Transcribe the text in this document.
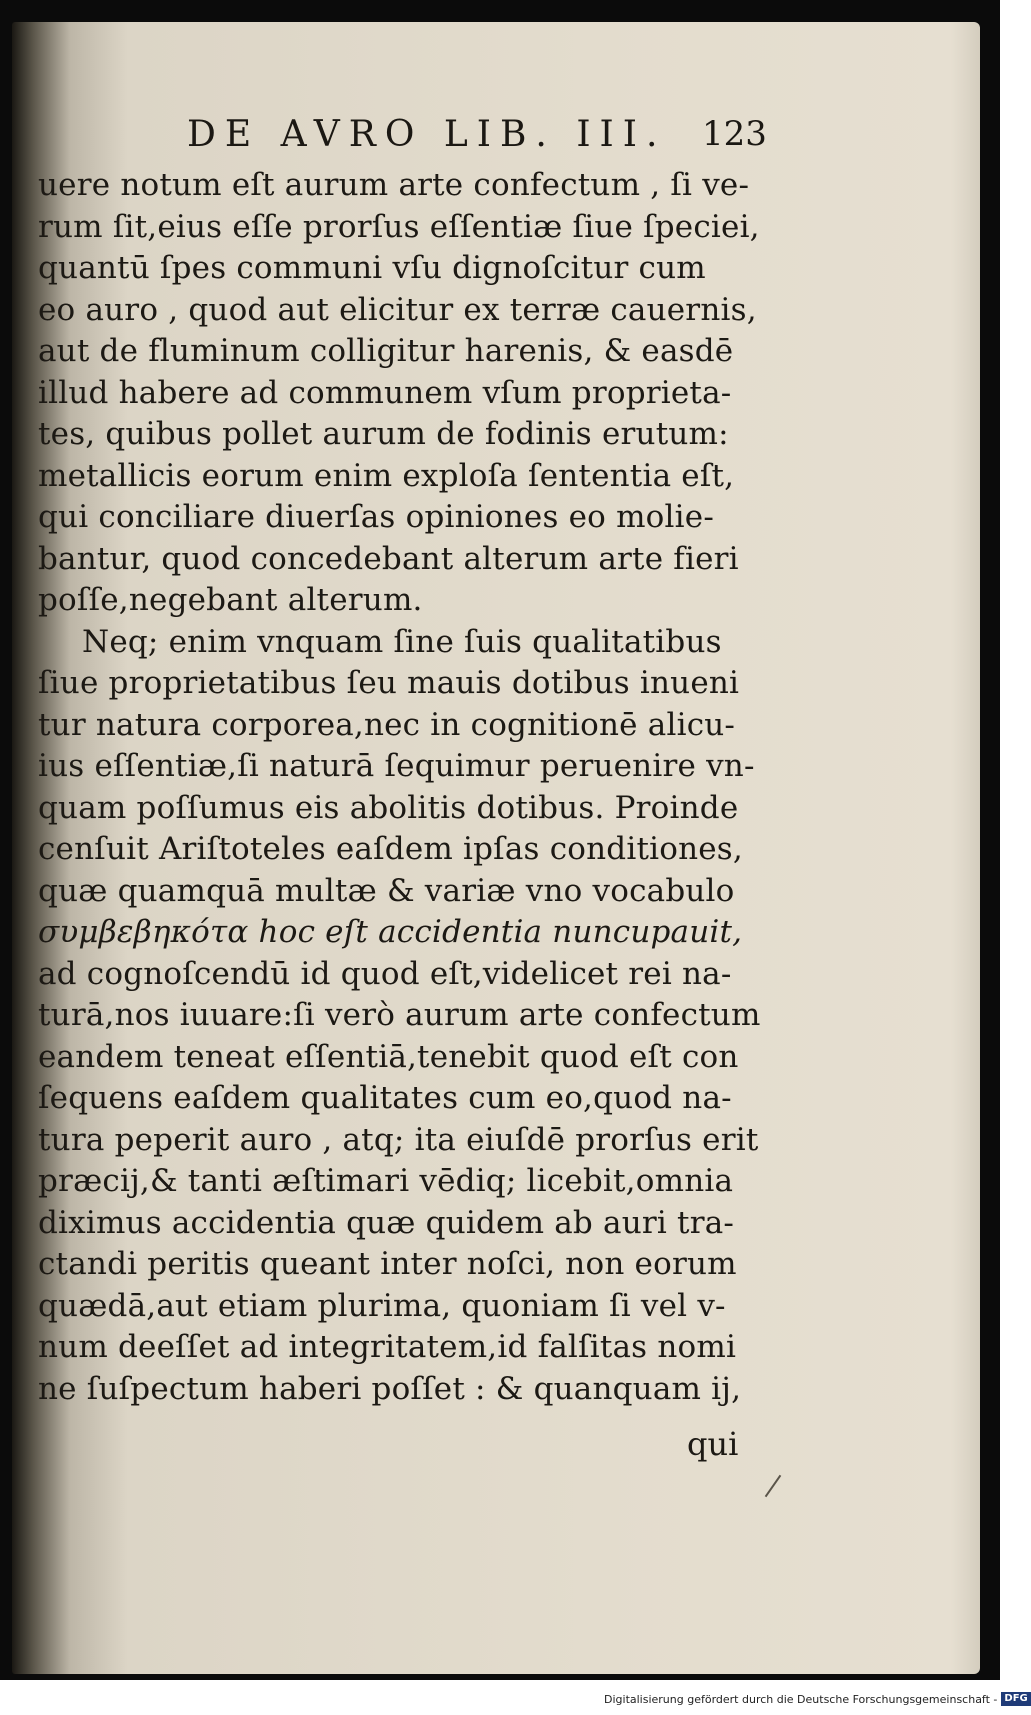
DE AVRO LIB. III.	123
uere notum eſt aurum arte confectum , ſi ve-
rum ſit,eius eſſe prorſus eſſentiæ ſiue ſpeciei,
quantū ſpes communi vſu dignoſcitur cum
eo auro , quod aut elicitur ex terræ cauernis,
aut de fluminum colligitur harenis, & easdē
illud habere ad communem vſum proprieta-
tes, quibus pollet aurum de fodinis erutum:
metallicis eorum enim exploſa ſententia eſt,
qui conciliare diuerſas opiniones eo molie-
bantur, quod concedebant alterum arte fieri
poſſe,negebant alterum.
Neq; enim vnquam ſine ſuis qualitatibus
ſiue proprietatibus ſeu mauis dotibus inueni
tur natura corporea,nec in cognitionē alicu-
ius eſſentiæ,ſi naturā ſequimur peruenire vn-
quam poſſumus eis abolitis dotibus. Proinde
cenſuit Ariſtoteles eaſdem ipſas conditiones,
quæ quamquā multæ & variæ vno vocabulo
συμβεβηκότα hoc eſt accidentia nuncupauit,
ad cognoſcendū id quod eſt,videlicet rei na-
turā,nos iuuare:ſi verò aurum arte confectum
eandem teneat eſſentiā,tenebit quod eſt con
ſequens eaſdem qualitates cum eo,quod na-
tura peperit auro , atq; ita eiuſdē prorſus erit
præcij,& tanti æſtimari vēdiq; licebit,omnia
diximus accidentia quæ quidem ab auri tra-
ctandi peritis queant inter noſci, non eorum
quædā,aut etiam plurima, quoniam ſi vel v-
num deeſſet ad integritatem,id falſitas nomi
ne ſuſpectum haberi poſſet : & quanquam ij,
qui
Digitalisierung gefördert durch die Deutsche Forschungsgemeinschaft - DFG
